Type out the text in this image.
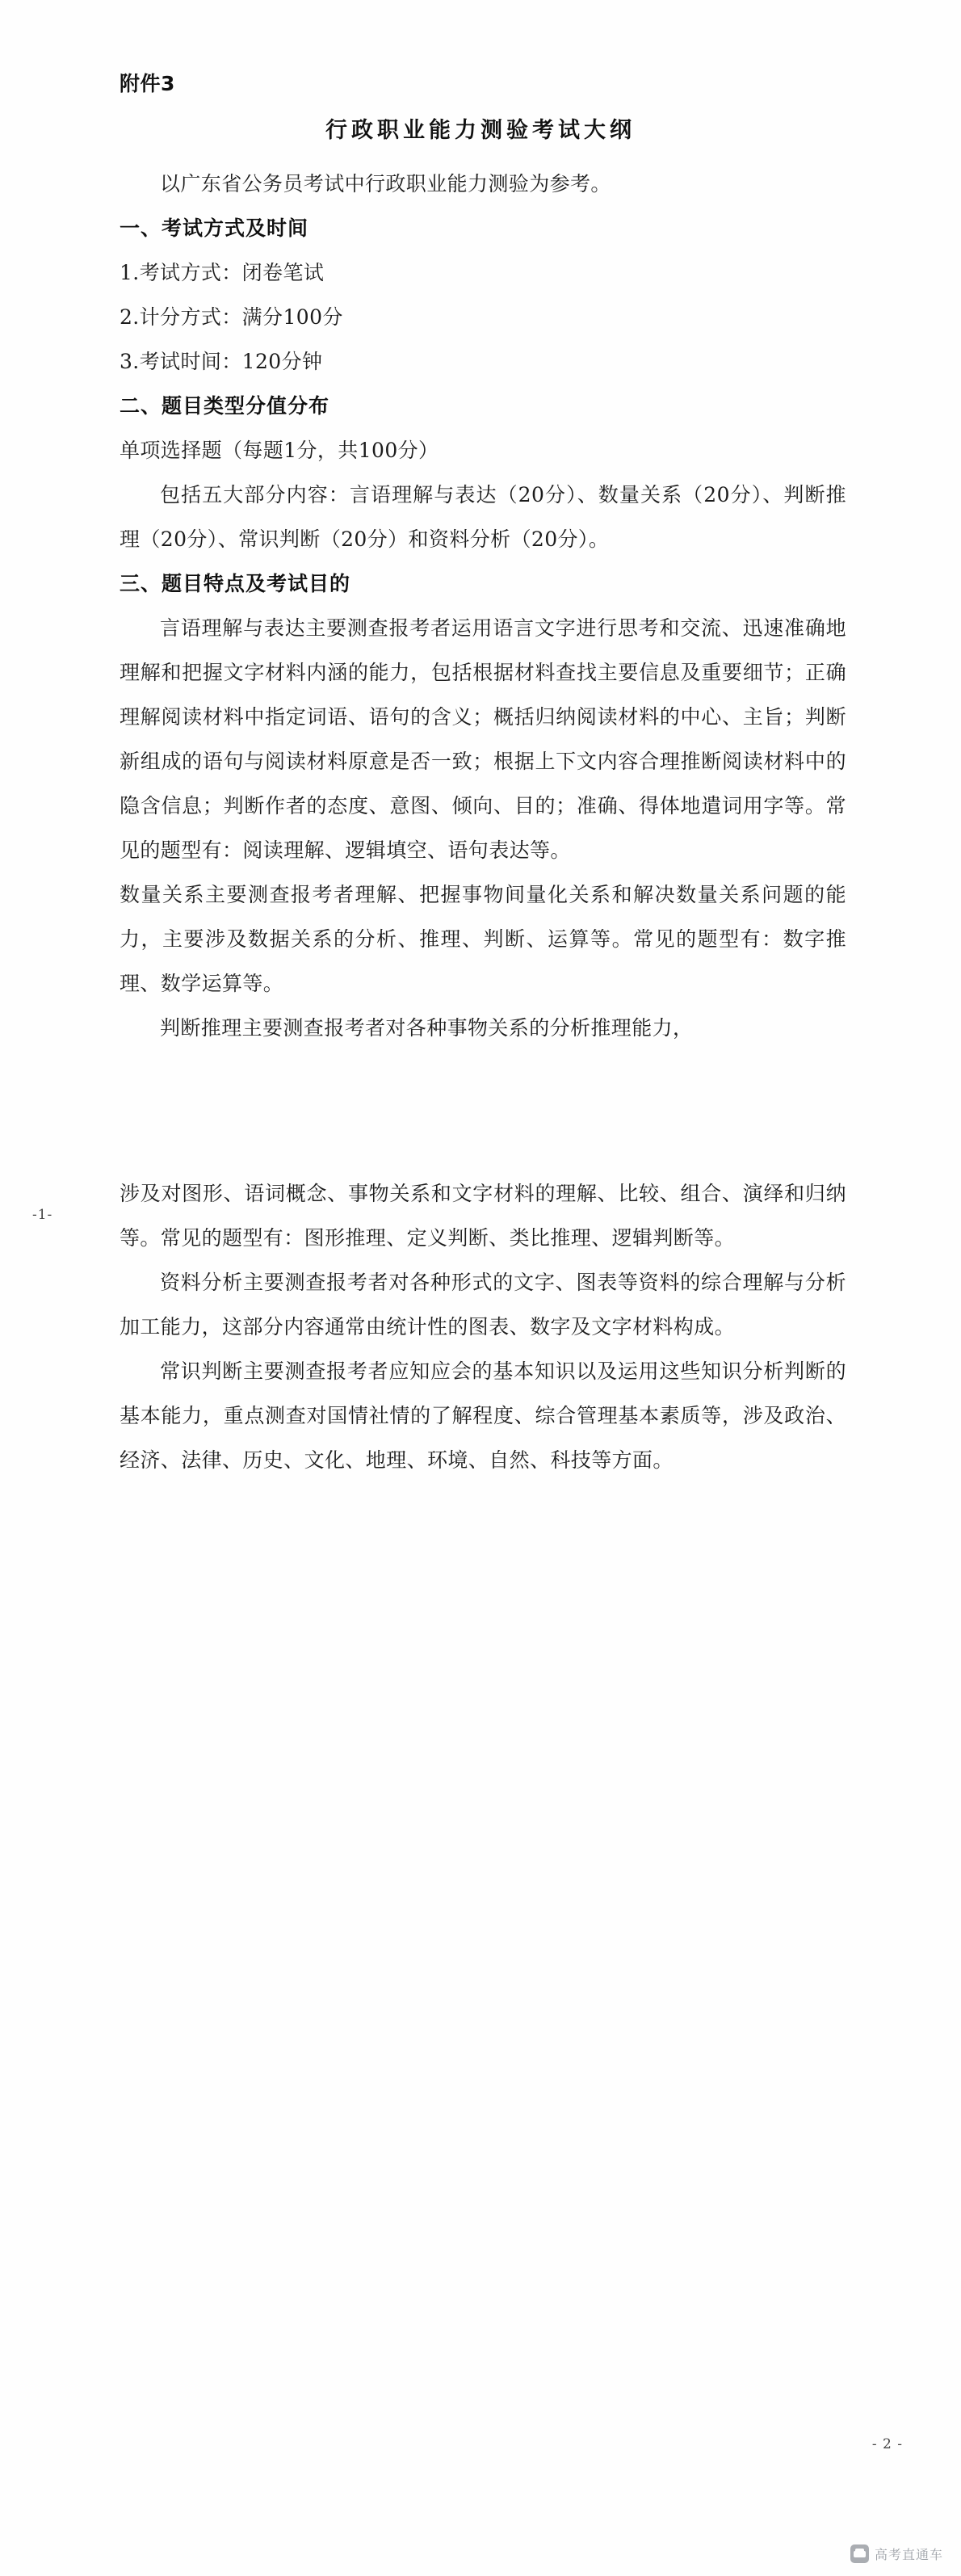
附件3
行政职业能力测验考试大纲

以广东省公务员考试中行政职业能力测验为参考。

一、考试方式及时间

1.考试方式：闭卷笔试

2.计分方式：满分100分

3.考试时间：120分钟

二、题目类型分值分布

单项选择题（每题1分，共100分）

包括五大部分内容：言语理解与表达（20分）、数量关系（20分）、判断推理（20分）、常识判断（20分）和资料分析（20分）。

三、题目特点及考试目的

言语理解与表达主要测查报考者运用语言文字进行思考和交流、迅速准确地理解和把握文字材料内涵的能力，包括根据材料查找主要信息及重要细节；正确理解阅读材料中指定词语、语句的含义；概括归纳阅读材料的中心、主旨；判断新组成的语句与阅读材料原意是否一致；根据上下文内容合理推断阅读材料中的隐含信息；判断作者的态度、意图、倾向、目的；准确、得体地遣词用字等。常见的题型有：阅读理解、逻辑填空、语句表达等。

数量关系主要测查报考者理解、把握事物间量化关系和解决数量关系问题的能力，主要涉及数据关系的分析、推理、判断、运算等。常见的题型有：数字推理、数学运算等。

判断推理主要测查报考者对各种事物关系的分析推理能力，

涉及对图形、语词概念、事物关系和文字材料的理解、比较、组合、演绎和归纳等。常见的题型有：图形推理、定义判断、类比推理、逻辑判断等。

资料分析主要测查报考者对各种形式的文字、图表等资料的综合理解与分析加工能力，这部分内容通常由统计性的图表、数字及文字材料构成。

常识判断主要测查报考者应知应会的基本知识以及运用这些知识分析判断的基本能力，重点测查对国情社情的了解程度、综合管理基本素质等，涉及政治、经济、法律、历史、文化、地理、环境、自然、科技等方面。

-1-
- 2 -
高考直通车
